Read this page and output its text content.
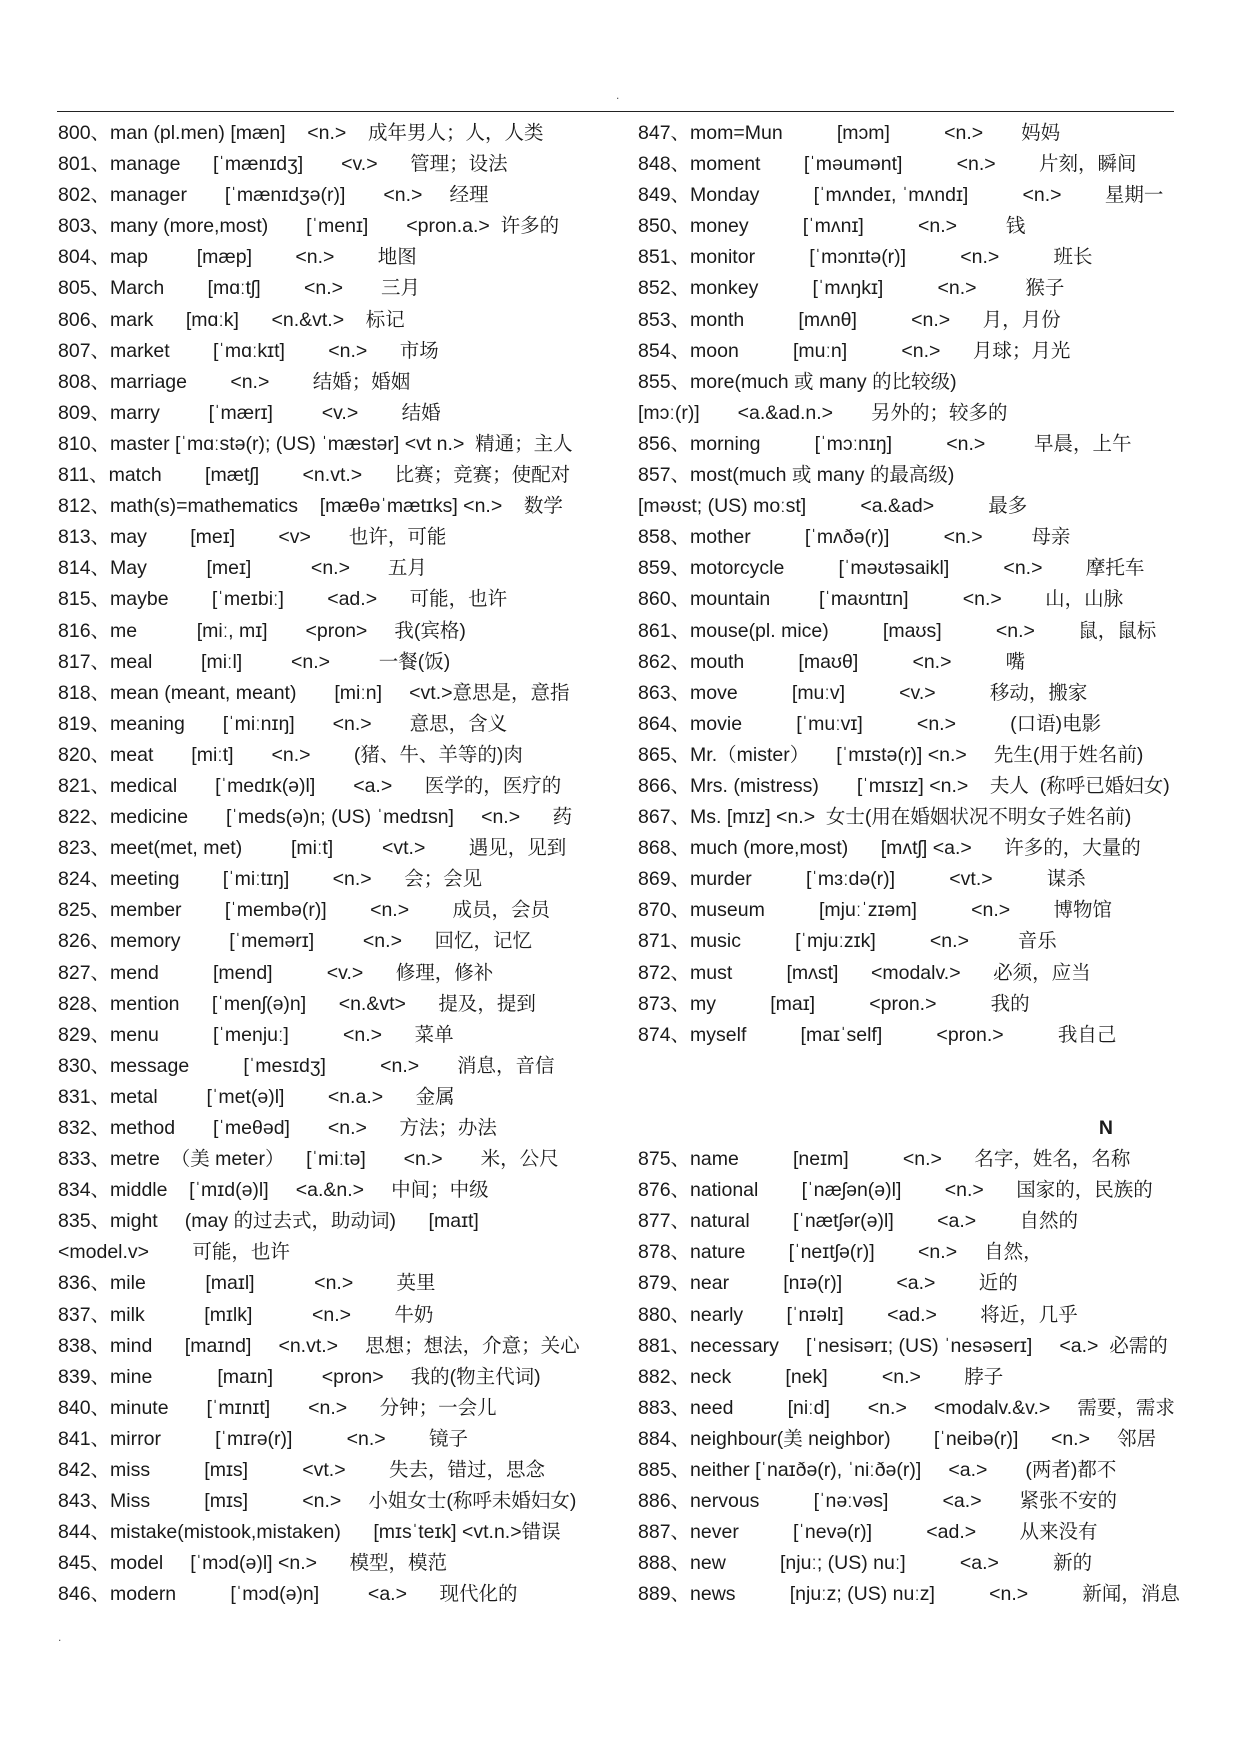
.
800、man (pl.men) [mæn]    <n.>    成年男人；人，人类
801、manage      [ˈmænɪdʒ]       <v.>      管理；设法
802、manager       [ˈmænɪdʒə(r)]       <n.>     经理
803、many (more,most)       [ˈmenɪ]       <pron.a.>  许多的
804、map         [mæp]        <n.>        地图
805、March        [mɑːtʃ]        <n.>       三月
806、mark      [mɑːk]      <n.&vt.>    标记
807、market        [ˈmɑːkɪt]        <n.>      市场
808、marriage        <n.>        结婚；婚姻
809、marry         [ˈmærɪ]         <v.>        结婚
810、master [ˈmɑːstə(r); (US) ˈmæstər] <vt n.>  精通；主人
811、match        [mætʃ]        <n.vt.>      比赛；竞赛；使配对
812、math(s)=mathematics    [mæθəˈmætɪks] <n.>    数学
813、may        [meɪ]        <v>       也许，可能
814、May           [meɪ]           <n.>       五月
815、maybe        [ˈmeɪbiː]        <ad.>      可能，也许
816、me           [miː, mɪ]       <pron>     我(宾格)
817、meal         [miːl]         <n.>         一餐(饭)
818、mean (meant, meant)       [miːn]     <vt.>意思是，意指
819、meaning       [ˈmiːnɪŋ]       <n.>       意思，含义
820、meat       [miːt]       <n.>        (猪、牛、羊等的)肉
821、medical       [ˈmedɪk(ə)l]       <a.>      医学的，医疗的
822、medicine       [ˈmeds(ə)n; (US) ˈmedɪsn]     <n.>      药
823、meet(met, met)         [miːt]         <vt.>        遇见，见到
824、meeting        [ˈmiːtɪŋ]        <n.>      会；会见
825、member        [ˈmembə(r)]        <n.>        成员，会员
826、memory         [ˈmemərɪ]         <n.>      回忆，记忆
827、mend          [mend]          <v.>      修理，修补
828、mention      [ˈmenʃ(ə)n]      <n.&vt>      提及，提到
829、menu          [ˈmenjuː]          <n.>      菜单
830、message          [ˈmesɪdʒ]          <n.>       消息，音信
831、metal         [ˈmet(ə)l]        <n.a.>      金属
832、method       [ˈmeθəd]       <n.>      方法；办法
833、metre  （美 meter）    [ˈmiːtə]       <n.>       米，公尺
834、middle    [ˈmɪd(ə)l]     <a.&n.>     中间；中级
835、might     (may 的过去式，助动词)      [maɪt]
<model.v>        可能，也许
836、mile           [maɪl]           <n.>        英里
837、milk           [mɪlk]           <n.>        牛奶
838、mind      [maɪnd]     <n.vt.>     思想；想法，介意；关心
839、mine            [maɪn]         <pron>     我的(物主代词)
840、minute       [ˈmɪnɪt]       <n.>      分钟；一会儿
841、mirror          [ˈmɪrə(r)]          <n.>        镜子
842、miss          [mɪs]          <vt.>        失去，错过，思念
843、Miss          [mɪs]          <n.>     小姐女士(称呼未婚妇女)
844、mistake(mistook,mistaken)      [mɪsˈteɪk] <vt.n.>错误
845、model     [ˈmɔd(ə)l] <n.>      模型，模范
846、modern          [ˈmɔd(ə)n]         <a.>      现代化的
847、mom=Mun          [mɔm]          <n.>       妈妈
848、moment        [ˈməumənt]          <n.>        片刻，瞬间
849、Monday          [ˈmʌndeɪ, ˈmʌndɪ]          <n.>        星期一
850、money          [ˈmʌnɪ]          <n.>         钱
851、monitor          [ˈmɔnɪtə(r)]          <n.>          班长
852、monkey          [ˈmʌŋkɪ]          <n.>         猴子
853、month          [mʌnθ]          <n.>      月，月份
854、moon          [muːn]          <n.>      月球；月光
855、more(much 或 many 的比较级)
[mɔː(r)]       <a.&ad.n.>       另外的；较多的
856、morning          [ˈmɔːnɪŋ]          <n.>         早晨，上午
857、most(much 或 many 的最高级)
[məʊst; (US) moːst]          <a.&ad>          最多
858、mother          [ˈmʌðə(r)]          <n.>         母亲
859、motorcycle          [ˈməʊtəsaikl]          <n.>        摩托车
860、mountain         [ˈmaʊntɪn]          <n.>        山，山脉
861、mouse(pl. mice)          [maʊs]          <n.>        鼠，鼠标
862、mouth          [maʊθ]          <n.>          嘴
863、move          [muːv]          <v.>          移动，搬家
864、movie          [ˈmuːvɪ]          <n.>          (口语)电影
865、Mr.（mister）     [ˈmɪstə(r)] <n.>     先生(用于姓名前)
866、Mrs. (mistress)       [ˈmɪsɪz] <n.>    夫人  (称呼已婚妇女)
867、Ms. [mɪz] <n.>  女士(用在婚姻状况不明女子姓名前)
868、much (more,most)      [mʌtʃ] <a.>      许多的，大量的
869、murder          [ˈmɜːdə(r)]          <vt.>          谋杀
870、museum          [mjuːˈzɪəm]          <n.>        博物馆
871、music          [ˈmjuːzɪk]          <n.>         音乐
872、must          [mʌst]      <modalv.>      必须，应当
873、my          [maɪ]          <pron.>          我的
874、myself          [maɪˈself]          <pron.>          我自己
N
875、name          [neɪm]          <n.>      名字，姓名，名称
876、national        [ˈnæʃən(ə)l]        <n.>      国家的，民族的
877、natural        [ˈnætʃər(ə)l]        <a.>        自然的
878、nature        [ˈneɪtʃə(r)]        <n.>     自然，
879、near          [nɪə(r)]          <a.>        近的
880、nearly        [ˈnɪəlɪ]        <ad.>        将近，几乎
881、necessary     [ˈnesisərɪ; (US) ˈnesəserɪ]     <a.>  必需的
882、neck          [nek]          <n.>        脖子
883、need          [niːd]       <n.>     <modalv.&v.>     需要，需求
884、neighbour(美 neighbor)        [ˈneibə(r)]      <n.>     邻居
885、neither [ˈnaɪðə(r), ˈniːðə(r)]     <a.>       (两者)都不
886、nervous          [ˈnəːvəs]          <a.>       紧张不安的
887、never          [ˈnevə(r)]          <ad.>        从来没有
888、new          [njuː; (US) nuː]          <a.>          新的
889、news          [njuːz; (US) nuːz]          <n.>          新闻，消息
.
